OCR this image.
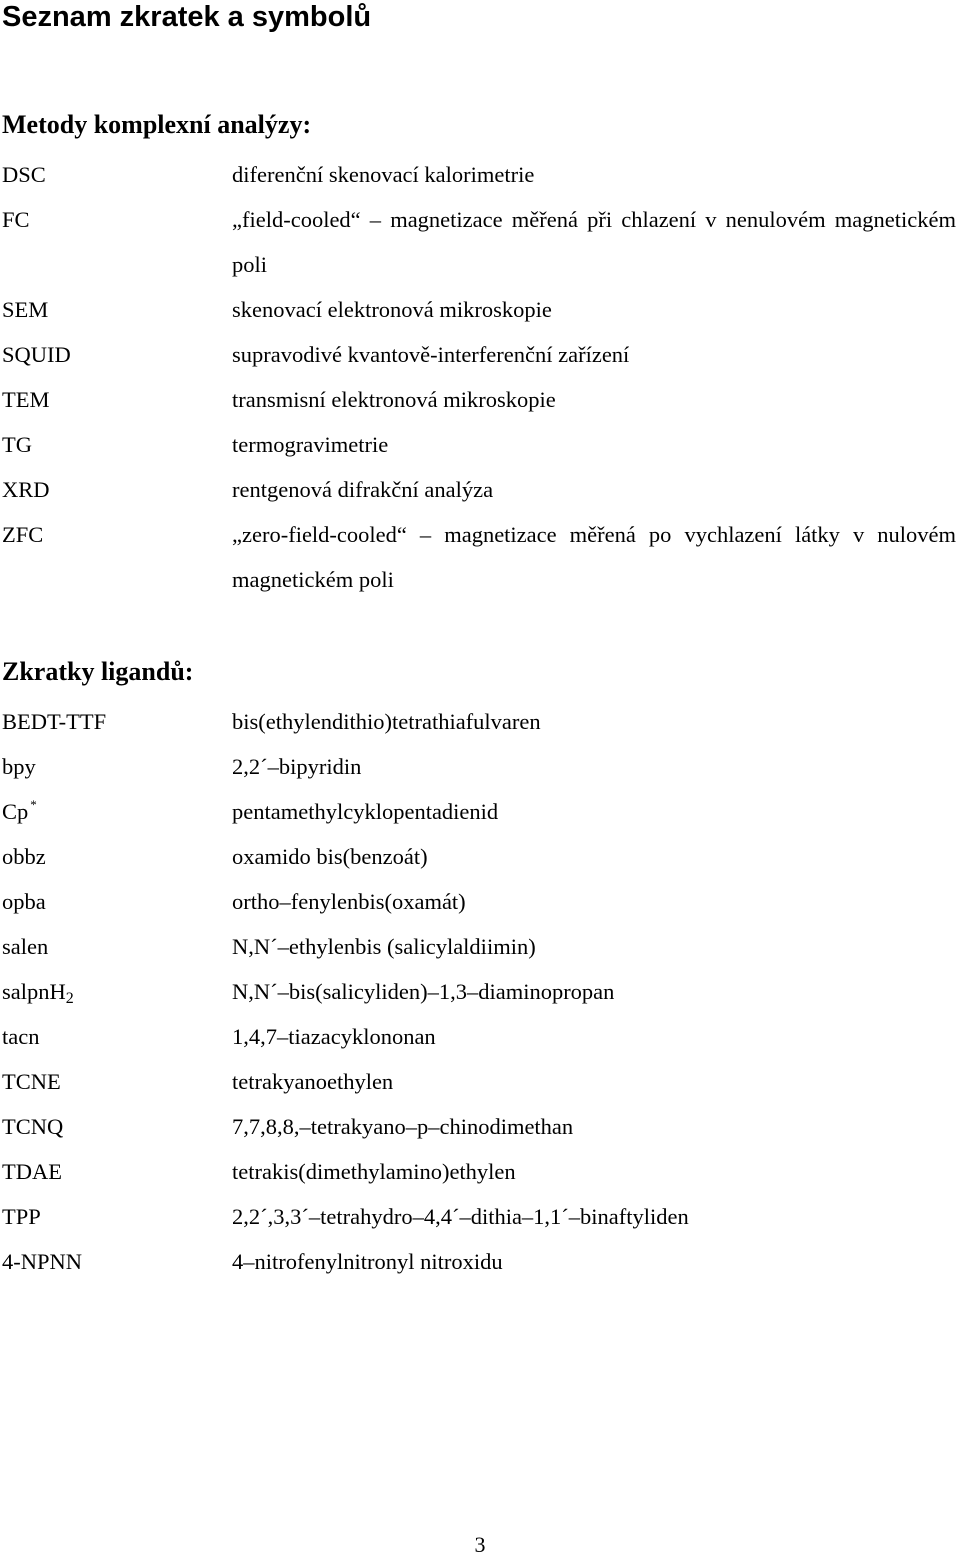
Seznam zkratek a symbolů
Metody komplexní analýzy:
DSC	diferenční skenovací kalorimetrie
FC	„field-cooled“ – magnetizace měřená při chlazení v nenulovém magnetickém poli
SEM	skenovací elektronová mikroskopie
SQUID	supravodivé kvantově-interferenční zařízení
TEM	transmisní elektronová mikroskopie
TG	termogravimetrie
XRD	rentgenová difrakční analýza
ZFC	„zero-field-cooled“ – magnetizace měřená po vychlazení látky v nulovém magnetickém poli
Zkratky ligandů:
BEDT-TTF	bis(ethylendithio)tetrathiafulvaren
bpy	2,2´–bipyridin
Cp *	pentamethylcyklopentadienid
obbz	oxamido bis(benzoát)
opba	ortho–fenylenbis(oxamát)
salen	N,N´–ethylenbis (salicylaldiimin)
salpnH$_2$	N,N´–bis(salicyliden)–1,3–diaminopropan
tacn	1,4,7–tiazacyklononan
TCNE	tetrakyanoethylen
TCNQ	7,7,8,8,–tetrakyano–p–chinodimethan
TDAE	tetrakis(dimethylamino)ethylen
TPP	2,2´,3,3´–tetrahydro–4,4´–dithia–1,1´–binaftyliden
4-NPNN	4–nitrofenylnitronyl nitroxidu
3
